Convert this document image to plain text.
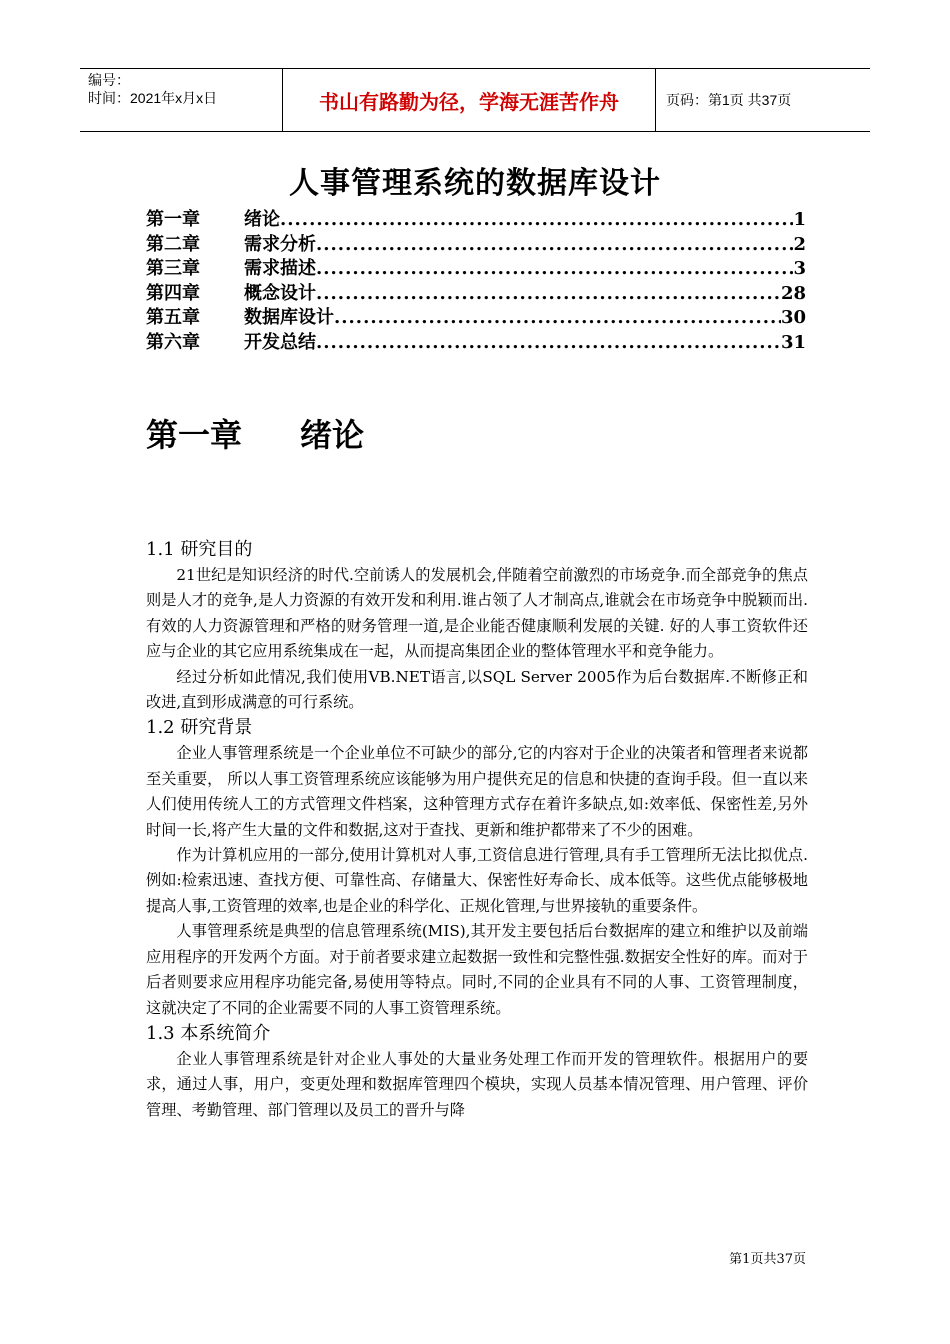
编号：
时间：2021年x月x日	书山有路勤为径，学海无涯苦作舟	页码：第1页 共37页
人事管理系统的数据库设计
第一章	绪论 .....	1
第二章	需求分析 .....	2
第三章	需求描述 .....	3
第四章	概念设计 .....	28
第五章	数据库设计 .....	30
第六章	开发总结 .....	31
第一章 绪论
1.1 研究目的
21世纪是知识经济的时代.空前诱人的发展机会,伴随着空前激烈的市场竞争.而全部竞争的焦点则是人才的竞争,是人力资源的有效开发和利用.谁占领了人才制高点,谁就会在市场竞争中脱颖而出.有效的人力资源管理和严格的财务管理一道,是企业能否健康顺利发展的关键. 好的人事工资软件还应与企业的其它应用系统集成在一起，从而提高集团企业的整体管理水平和竞争能力。
经过分析如此情况,我们使用VB.NET语言,以SQL Server 2005作为后台数据库.不断修正和改进,直到形成满意的可行系统。
1.2 研究背景
企业人事管理系统是一个企业单位不可缺少的部分,它的内容对于企业的决策者和管理者来说都至关重要， 所以人事工资管理系统应该能够为用户提供充足的信息和快捷的查询手段。但一直以来人们使用传统人工的方式管理文件档案，这种管理方式存在着许多缺点,如:效率低、保密性差,另外时间一长,将产生大量的文件和数据,这对于查找、更新和维护都带来了不少的困难。
作为计算机应用的一部分,使用计算机对人事,工资信息进行管理,具有手工管理所无法比拟优点.例如:检索迅速、查找方便、可靠性高、存储量大、保密性好寿命长、成本低等。这些优点能够极地提高人事,工资管理的效率,也是企业的科学化、正规化管理,与世界接轨的重要条件。
人事管理系统是典型的信息管理系统(MIS),其开发主要包括后台数据库的建立和维护以及前端应用程序的开发两个方面。对于前者要求建立起数据一致性和完整性强.数据安全性好的库。而对于后者则要求应用程序功能完备,易使用等特点。同时,不同的企业具有不同的人事、工资管理制度，这就决定了不同的企业需要不同的人事工资管理系统。
1.3 本系统简介
企业人事管理系统是针对企业人事处的大量业务处理工作而开发的管理软件。根据用户的要求，通过人事，用户，变更处理和数据库管理四个模块，实现人员基本情况管理、用户管理、评价管理、考勤管理、部门管理以及员工的晋升与降
第1页共37页
